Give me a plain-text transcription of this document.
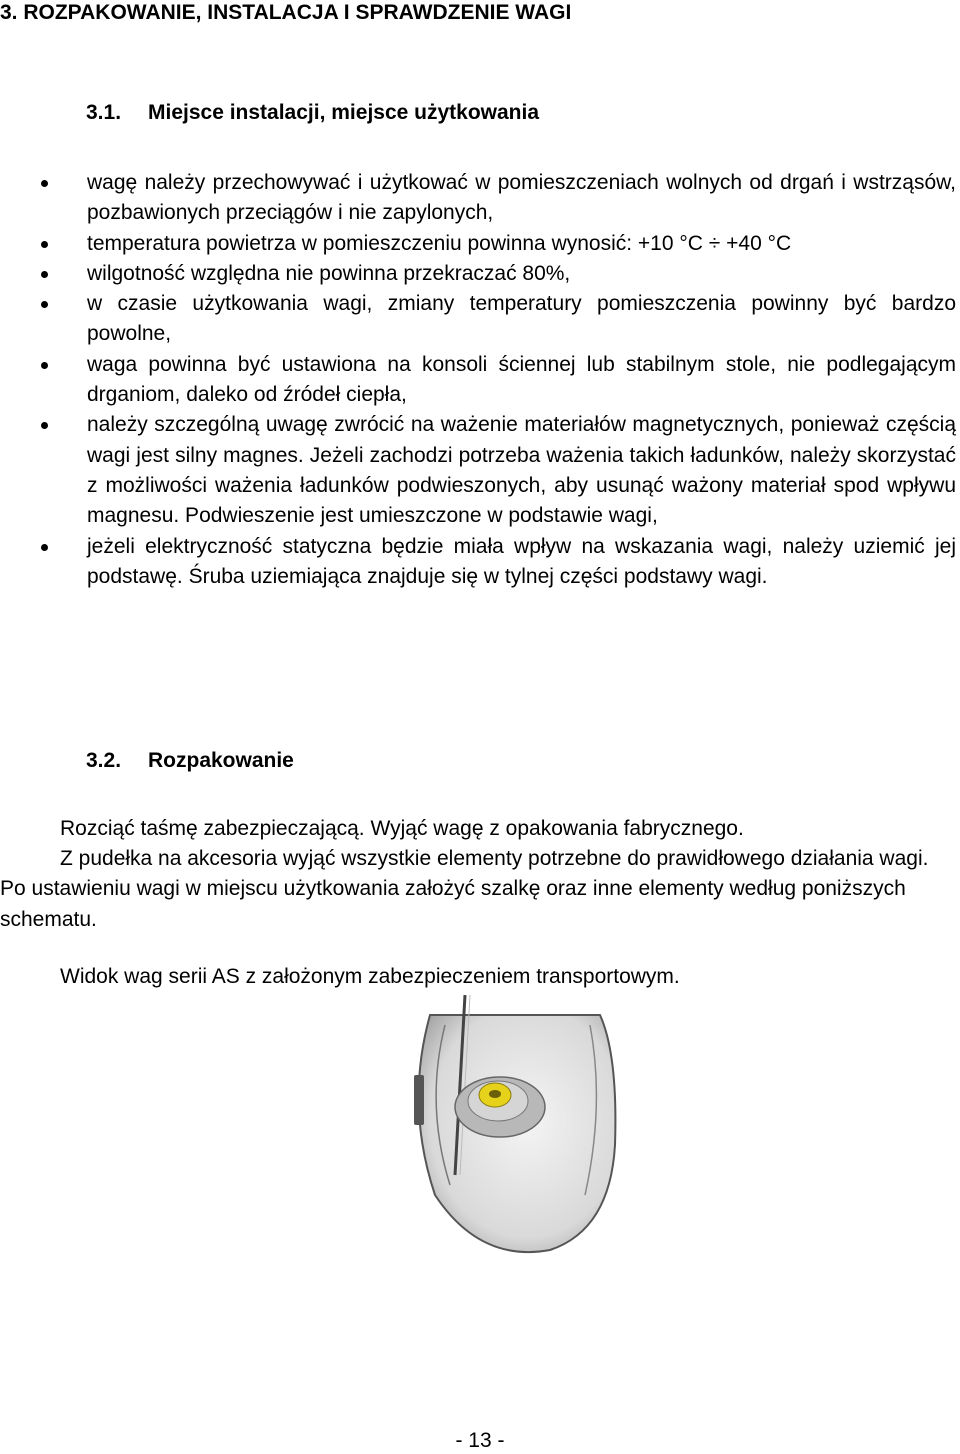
3. ROZPAKOWANIE, INSTALACJA I SPRAWDZENIE WAGI
3.1. Miejsce instalacji, miejsce użytkowania
wagę należy przechowywać i użytkować w pomieszczeniach wolnych od drgań i wstrząsów, pozbawionych przeciągów i nie zapylonych,
temperatura powietrza w pomieszczeniu powinna wynosić: +10 °C ÷ +40 °C
wilgotność względna nie powinna przekraczać 80%,
w czasie użytkowania wagi, zmiany temperatury pomieszczenia powinny być bardzo powolne,
waga powinna być ustawiona na konsoli ściennej lub stabilnym stole, nie podlegającym drganiom, daleko od źródeł ciepła,
należy szczególną uwagę zwrócić na ważenie materiałów magnetycznych, ponieważ częścią wagi jest silny magnes. Jeżeli zachodzi potrzeba ważenia takich ładunków, należy skorzystać z możliwości ważenia ładunków podwieszonych, aby usunąć ważony materiał spod wpływu magnesu. Podwieszenie jest umieszczone w podstawie wagi,
jeżeli elektryczność statyczna będzie miała wpływ na wskazania wagi, należy uziemić jej podstawę. Śruba uziemiająca znajduje się w tylnej części podstawy wagi.
3.2. Rozpakowanie
Rozciąć taśmę zabezpieczającą. Wyjąć wagę z opakowania fabrycznego.
Z pudełka na akcesoria wyjąć wszystkie elementy potrzebne do prawidłowego działania wagi. Po ustawieniu wagi w miejscu użytkowania założyć szalkę oraz inne elementy według poniższych schematu.
Widok wag serii AS z założonym zabezpieczeniem transportowym.
- 13 -
